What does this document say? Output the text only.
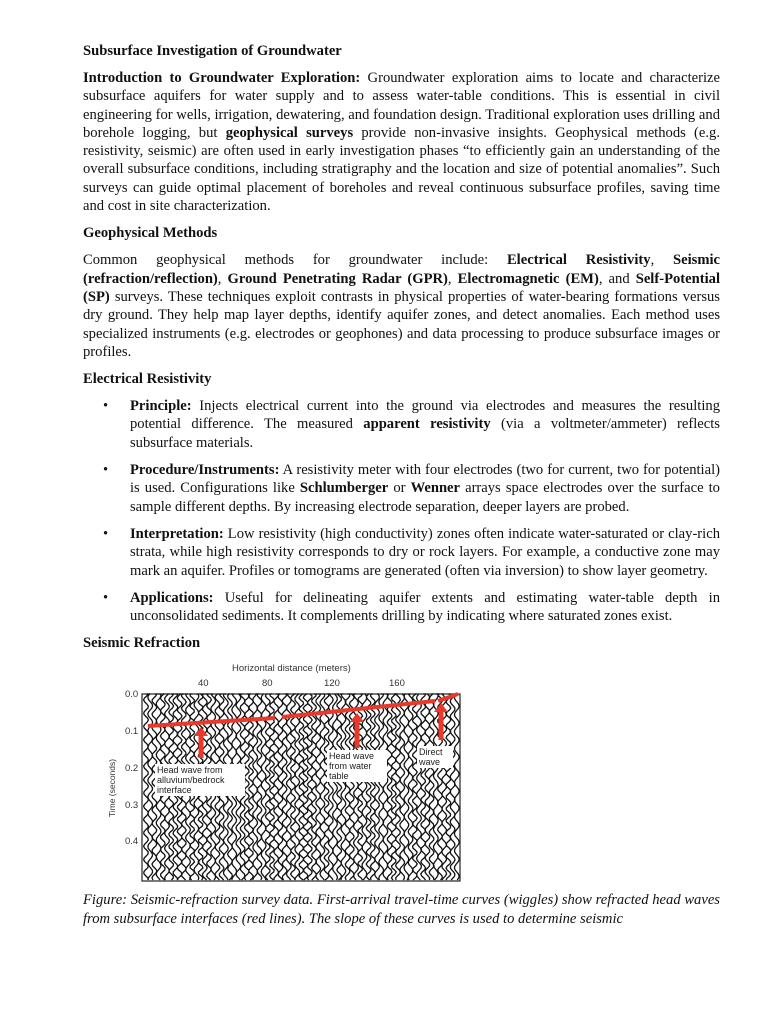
Subsurface Investigation of Groundwater

Introduction to Groundwater Exploration: Groundwater exploration aims to locate and characterize subsurface aquifers for water supply and to assess water-table conditions. This is essential in civil engineering for wells, irrigation, dewatering, and foundation design. Traditional exploration uses drilling and borehole logging, but geophysical surveys provide non-invasive insights. Geophysical methods (e.g. resistivity, seismic) are often used in early investigation phases “to efficiently gain an understanding of the overall subsurface conditions, including stratigraphy and the location and size of potential anomalies”. Such surveys can guide optimal placement of boreholes and reveal continuous subsurface profiles, saving time and cost in site characterization.

Geophysical Methods

Common geophysical methods for groundwater include: Electrical Resistivity, Seismic (refraction/reflection), Ground Penetrating Radar (GPR), Electromagnetic (EM), and Self-Potential (SP) surveys. These techniques exploit contrasts in physical properties of water-bearing formations versus dry ground. They help map layer depths, identify aquifer zones, and detect anomalies. Each method uses specialized instruments (e.g. electrodes or geophones) and data processing to produce subsurface images or profiles.

Electrical Resistivity
• Principle: Injects electrical current into the ground via electrodes and measures the resulting potential difference. The measured apparent resistivity (via a voltmeter/ammeter) reflects subsurface materials.
• Procedure/Instruments: A resistivity meter with four electrodes (two for current, two for potential) is used. Configurations like Schlumberger or Wenner arrays space electrodes over the surface to sample different depths. By increasing electrode separation, deeper layers are probed.
• Interpretation: Low resistivity (high conductivity) zones often indicate water-saturated or clay-rich strata, while high resistivity corresponds to dry or rock layers. For example, a conductive zone may mark an aquifer. Profiles or tomograms are generated (often via inversion) to show layer geometry.
• Applications: Useful for delineating aquifer extents and estimating water-table depth in unconsolidated sediments. It complements drilling by indicating where saturated zones exist.
Seismic Refraction
Horizontal distance (meters)
40	80	120	160
Time (seconds)
0.0
0.1
0.2
0.3
0.4
Head wave from alluvium/bedrock interface
Head wave from water table
Direct wave

Figure: Seismic-refraction survey data. First-arrival travel-time curves (wiggles) show refracted head waves from subsurface interfaces (red lines). The slope of these curves is used to determine seismic
